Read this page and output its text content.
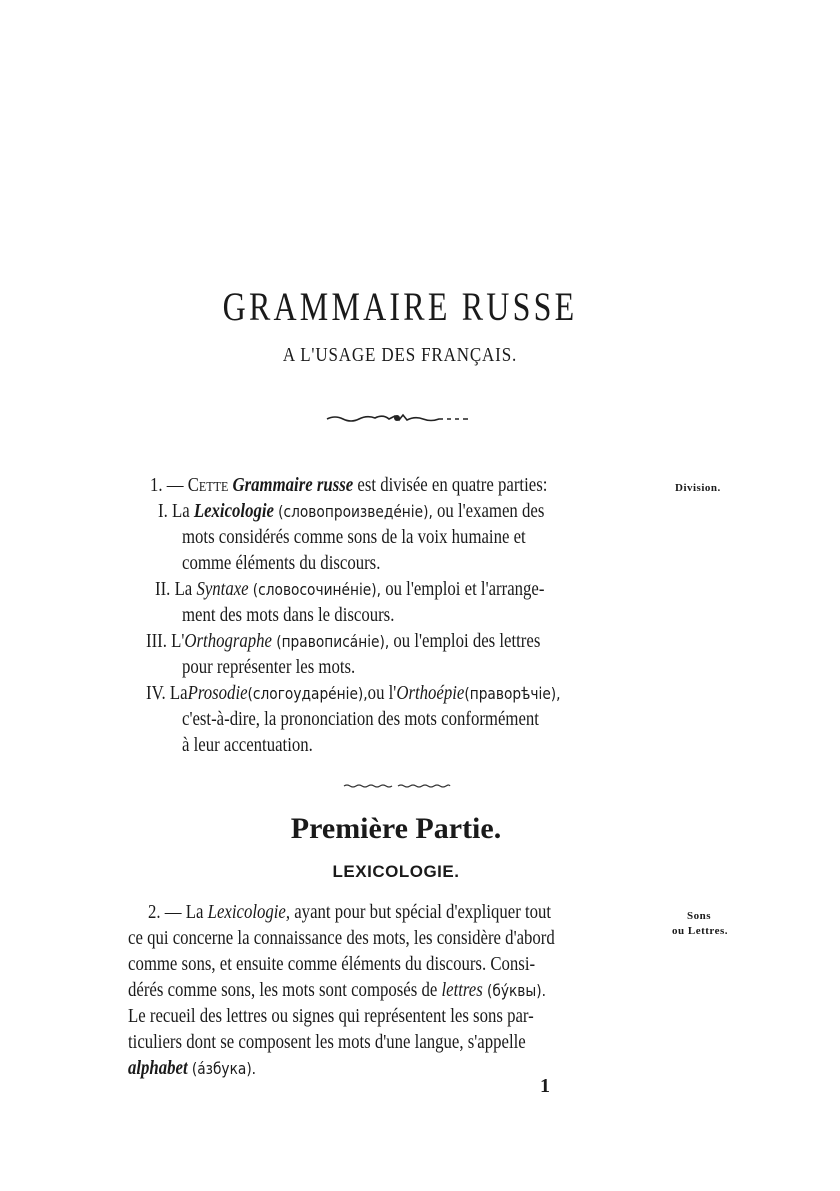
GRAMMAIRE RUSSE
A L'USAGE DES FRANÇAIS.
1. — Cette Grammaire russe est divisée en quatre parties:	Division.
I. La Lexicologie (словопроизведéніе), ou l'examen des
mots considérés comme sons de la voix humaine et
comme éléments du discours.
II. La Syntaxe (словосочинéніе), ou l'emploi et l'arrange-
ment des mots dans le discours.
III. L'Orthographe (правописáніе), ou l'emploi des lettres
pour représenter les mots.
IV. LaProsodie(слогоударéніе),ou l'Orthoépie(правоpѣчіе),
c'est-à-dire, la prononciation des mots conformément
à leur accentuation.
Première Partie.
LEXICOLOGIE.
2. — La Lexicologie, ayant pour but spécial d'expliquer tout
ce qui concerne la connaissance des mots, les considère d'abord
comme sons, et ensuite comme éléments du discours. Consi-
dérés comme sons, les mots sont composés de lettres (бýквы).
Le recueil des lettres ou signes qui représentent les sons par-
ticuliers dont se composent les mots d'une langue, s'appelle
alphabet (áзбука).
Sons
ou Lettres.
1
